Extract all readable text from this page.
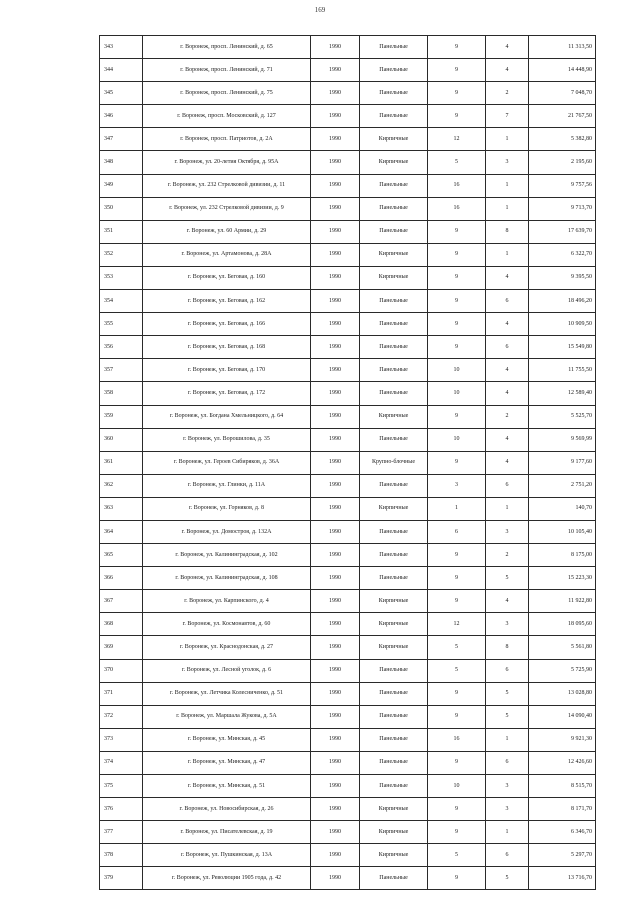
169
343	г. Воронеж, просп. Ленинский, д. 65	1990	Панельные	9	4	11 313,50
344	г. Воронеж, просп. Ленинский, д. 71	1990	Панельные	9	4	14 448,90
345	г. Воронеж, просп. Ленинский, д. 75	1990	Панельные	9	2	7 048,70
346	г. Воронеж, просп. Московский, д. 127	1990	Панельные	9	7	21 767,50
347	г. Воронеж, просп. Патриотов, д. 2А	1990	Кирпичные	12	1	5 382,80
348	г. Воронеж, ул. 20-летия Октября, д. 95А	1990	Кирпичные	5	3	2 195,60
349	г. Воронеж, ул. 232 Стрелковой дивизии, д. 11	1990	Панельные	16	1	9 757,56
350	г. Воронеж, ул. 232 Стрелковой дивизии, д. 9	1990	Панельные	16	1	9 713,70
351	г. Воронеж, ул. 60 Армии, д. 29	1990	Панельные	9	8	17 639,70
352	г. Воронеж, ул. Артамонова, д. 28А	1990	Кирпичные	9	1	6 322,70
353	г. Воронеж, ул. Беговая, д. 160	1990	Кирпичные	9	4	9 395,50
354	г. Воронеж, ул. Беговая, д. 162	1990	Панельные	9	6	18 496,20
355	г. Воронеж, ул. Беговая, д. 166	1990	Панельные	9	4	10 909,50
356	г. Воронеж, ул. Беговая, д. 168	1990	Панельные	9	6	15 549,80
357	г. Воронеж, ул. Беговая, д. 170	1990	Панельные	10	4	11 755,50
358	г. Воронеж, ул. Беговая, д. 172	1990	Панельные	10	4	12 589,40
359	г. Воронеж, ул. Богдана Хмельницкого, д. 64	1990	Кирпичные	9	2	5 525,70
360	г. Воронеж, ул. Ворошилова, д. 35	1990	Панельные	10	4	9 569,99
361	г. Воронеж, ул. Героев Сибиряков, д. 36А	1990	Крупно-блочные	9	4	9 177,60
362	г. Воронеж, ул. Глинки, д. 11А	1990	Панельные	3	6	2 751,20
363	г. Воронеж, ул. Горняков, д. 8	1990	Кирпичные	1	1	140,70
364	г. Воронеж, ул. Домостроя, д. 132А	1990	Панельные	6	3	10 105,40
365	г. Воронеж, ул. Калининградская, д. 102	1990	Панельные	9	2	8 175,00
366	г. Воронеж, ул. Калининградская, д. 108	1990	Панельные	9	5	15 223,30
367	г. Воронеж, ул. Карпинского, д. 4	1990	Кирпичные	9	4	11 922,80
368	г. Воронеж, ул. Космонавтов, д. 60	1990	Кирпичные	12	3	18 095,60
369	г. Воронеж, ул. Краснодонская, д. 27	1990	Кирпичные	5	8	5 561,80
370	г. Воронеж, ул. Лесной уголок, д. 6	1990	Панельные	5	6	5 725,90
371	г. Воронеж, ул. Летчика Колесниченко, д. 51	1990	Панельные	9	5	13 028,80
372	г. Воронеж, ул. Маршала Жукова, д. 5А	1990	Панельные	9	5	14 090,40
373	г. Воронеж, ул. Минская, д. 45	1990	Панельные	16	1	9 921,30
374	г. Воронеж, ул. Минская, д. 47	1990	Панельные	9	6	12 426,60
375	г. Воронеж, ул. Минская, д. 51	1990	Панельные	10	3	8 515,70
376	г. Воронеж, ул. Новосибирская, д. 26	1990	Кирпичные	9	3	8 171,70
377	г. Воронеж, ул. Писателевская, д. 19	1990	Кирпичные	9	1	6 346,70
378	г. Воронеж, ул. Пушкинская, д. 13А	1990	Кирпичные	5	6	5 297,70
379	г. Воронеж, ул. Революции 1905 года, д. 42	1990	Панельные	9	5	13 716,70
